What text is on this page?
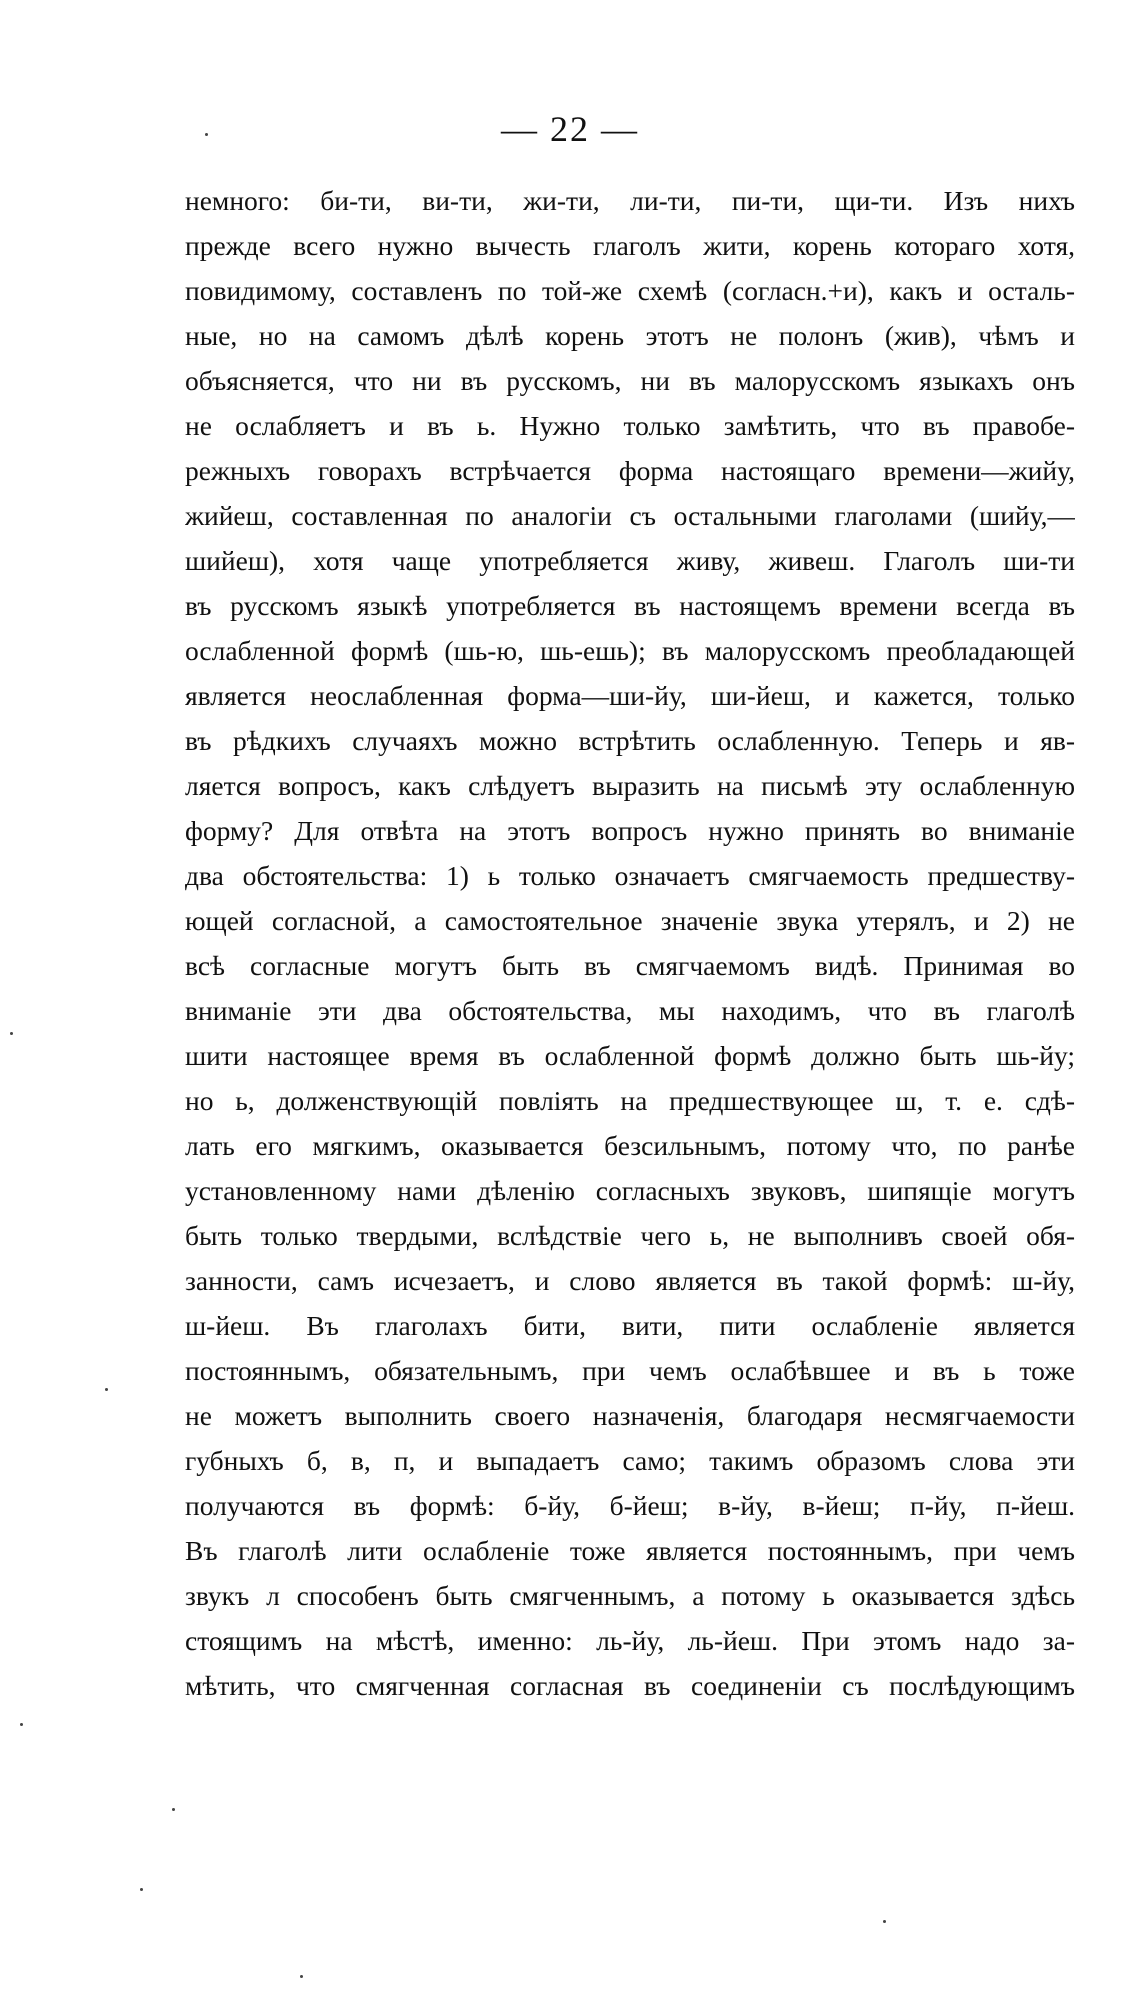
— 22 —
немного: би-ти, ви-ти, жи-ти, ли-ти, пи-ти, щи-ти. Изъ нихъ
прежде всего нужно вычесть глаголъ жити, корень котораго хотя,
повидимому, составленъ по той-же схемѣ (согласн.+и), какъ и осталь-
ные, но на самомъ дѣлѣ корень этотъ не полонъ (жив), чѣмъ и
объясняется, что ни въ русскомъ, ни въ малорусскомъ языкахъ онъ
не ослабляетъ и въ ь. Нужно только замѣтить, что въ правобе-
режныхъ говорахъ встрѣчается форма настоящаго времени—жийу,
жийеш, составленная по аналогіи съ остальными глаголами (шийу,—
шийеш), хотя чаще употребляется живу, живеш. Глаголъ ши-ти
въ русскомъ языкѣ употребляется въ настоящемъ времени всегда въ
ослабленной формѣ (шь-ю, шь-ешь); въ малорусскомъ преобладающей
является неослабленная форма—ши-йу, ши-йеш, и кажется, только
въ рѣдкихъ случаяхъ можно встрѣтить ослабленную. Теперь и яв-
ляется вопросъ, какъ слѣдуетъ выразить на письмѣ эту ослабленную
форму? Для отвѣта на этотъ вопросъ нужно принять во вниманіе
два обстоятельства: 1) ь только означаетъ смягчаемость предшеству-
ющей согласной, а самостоятельное значеніе звука утерялъ, и 2) не
всѣ согласные могутъ быть въ смягчаемомъ видѣ. Принимая во
вниманіе эти два обстоятельства, мы находимъ, что въ глаголѣ
шити настоящее время въ ослабленной формѣ должно быть шь-йу;
но ь, долженствующій повліять на предшествующее ш, т. е. сдѣ-
лать его мягкимъ, оказывается безсильнымъ, потому что, по ранѣе
установленному нами дѣленію согласныхъ звуковъ, шипящіе могутъ
быть только твердыми, вслѣдствіе чего ь, не выполнивъ своей обя-
занности, самъ исчезаетъ, и слово является въ такой формѣ: ш-йу,
ш-йеш. Въ глаголахъ бити, вити, пити ослабленіе является
постояннымъ, обязательнымъ, при чемъ ослабѣвшее и въ ь тоже
не можетъ выполнить своего назначенія, благодаря несмягчаемости
губныхъ б, в, п, и выпадаетъ само; такимъ образомъ слова эти
получаются въ формѣ: б-йу, б-йеш; в-йу, в-йеш; п-йу, п-йеш.
Въ глаголѣ лити ослабленіе тоже является постояннымъ, при чемъ
звукъ л способенъ быть смягченнымъ, а потому ь оказывается здѣсь
стоящимъ на мѣстѣ, именно: ль-йу, ль-йеш. При этомъ надо за-
мѣтить, что смягченная согласная въ соединеніи съ послѣдующимъ
